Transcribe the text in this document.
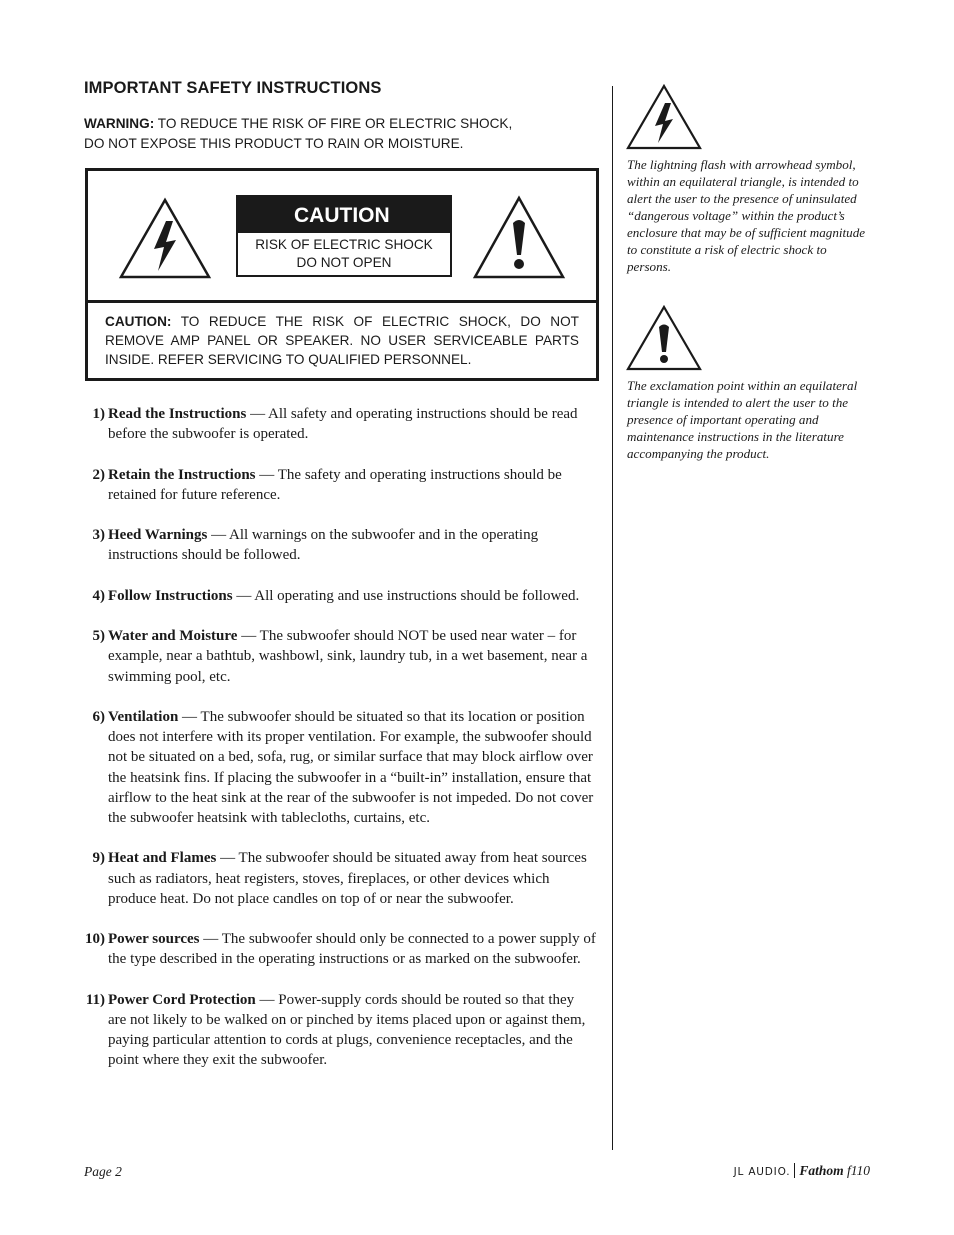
IMPORTANT SAFETY INSTRUCTIONS
WARNING: TO REDUCE THE RISK OF FIRE OR ELECTRIC SHOCK,
DO NOT EXPOSE THIS PRODUCT TO RAIN OR MOISTURE.
CAUTION
RISK OF ELECTRIC SHOCK
DO NOT OPEN
CAUTION: TO REDUCE THE RISK OF ELECTRIC SHOCK, DO NOT REMOVE AMP PANEL OR SPEAKER. NO USER SERVICEABLE PARTS INSIDE. REFER SERVICING TO QUALIFIED PERSONNEL.
1) Read the Instructions — All safety and operating instructions should be read before the subwoofer is operated.
2) Retain the Instructions — The safety and operating instructions should be retained for future reference.
3) Heed Warnings — All warnings on the subwoofer and in the operating instructions should be followed.
4) Follow Instructions — All operating and use instructions should be followed.
5) Water and Moisture — The subwoofer should NOT be used near water – for example, near a bathtub, washbowl, sink, laundry tub, in a wet basement, near a swimming pool, etc.
6) Ventilation — The subwoofer should be situated so that its location or position does not interfere with its proper ventilation. For example, the subwoofer should not be situated on a bed, sofa, rug, or similar surface that may block airflow over the heatsink fins. If placing the subwoofer in a “built-in” installation, ensure that airflow to the heat sink at the rear of the subwoofer is not impeded. Do not cover the subwoofer heatsink with tablecloths, curtains, etc.
9) Heat and Flames — The subwoofer should be situated away from heat sources such as radiators, heat registers, stoves, fireplaces, or other devices which produce heat. Do not place candles on top of or near the subwoofer.
10) Power sources — The subwoofer should only be connected to a power supply of the type described in the operating instructions or as marked on the subwoofer.
11) Power Cord Protection — Power-supply cords should be routed so that they are not likely to be walked on or pinched by items placed upon or against them, paying particular attention to cords at plugs, convenience receptacles, and the point where they exit the subwoofer.
The lightning flash with arrowhead symbol, within an equilateral triangle, is intended to alert the user to the presence of uninsulated “dangerous voltage” within the product’s enclosure that may be of sufficient magnitude to constitute a risk of electric shock to persons.
The exclamation point within an equilateral triangle is intended to alert the user to the presence of important operating and maintenance instructions in the literature accompanying the product.
Page 2	JL AUDIO. Fathom f110
